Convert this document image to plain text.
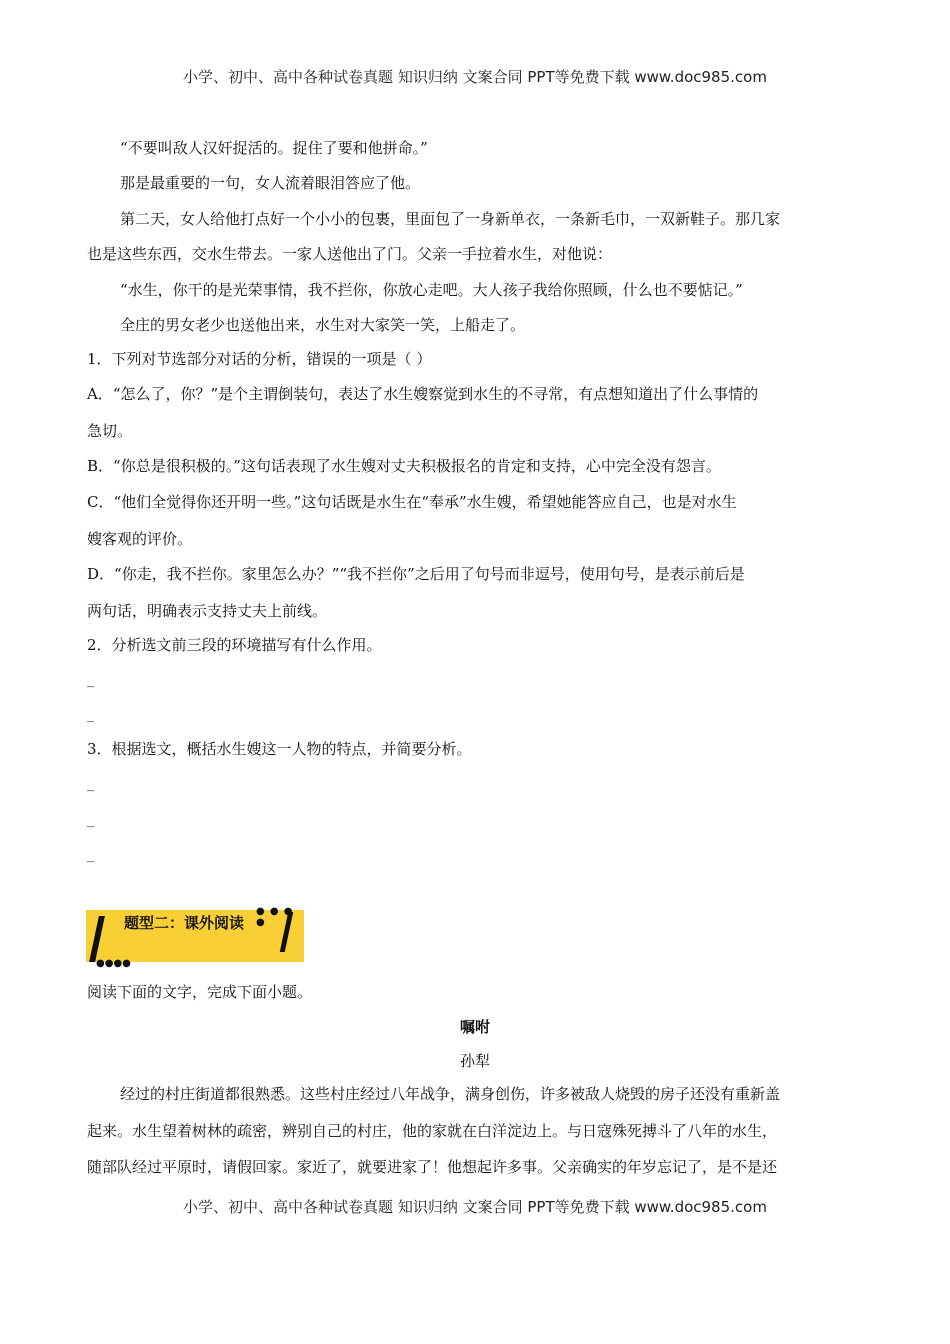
小学、初中、高中各种试卷真题 知识归纳 文案合同 PPT等免费下载 www.doc985.com
“不要叫敌人汉奸捉活的。捉住了要和他拼命。”
那是最重要的一句，女人流着眼泪答应了他。
第二天，女人给他打点好一个小小的包裹，里面包了一身新单衣，一条新毛巾，一双新鞋子。那几家
也是这些东西，交水生带去。一家人送他出了门。父亲一手拉着水生，对他说：
“水生，你干的是光荣事情，我不拦你，你放心走吧。大人孩子我给你照顾，什么也不要惦记。”
全庄的男女老少也送他出来，水生对大家笑一笑，上船走了。
1．下列对节选部分对话的分析，错误的一项是（ ）
A．“怎么了，你？”是个主谓倒装句，表达了水生嫂察觉到水生的不寻常，有点想知道出了什么事情的
急切。
B．“你总是很积极的。”这句话表现了水生嫂对丈夫积极报名的肯定和支持，心中完全没有怨言。
C．“他们全觉得你还开明一些。”这句话既是水生在“奉承”水生嫂，希望她能答应自己，也是对水生
嫂客观的评价。
D．“你走，我不拦你。家里怎么办？”“我不拦你”之后用了句号而非逗号，使用句号，是表示前后是
两句话，明确表示支持丈夫上前线。
2．分析选文前三段的环境描写有什么作用。
_
_
3．根据选文，概括水生嫂这一人物的特点，并简要分析。
_
_
_
● ● ● ●
●●●●
题型二：课外阅读
阅读下面的文字，完成下面小题。
嘱咐
孙犁
经过的村庄街道都很熟悉。这些村庄经过八年战争，满身创伤，许多被敌人烧毁的房子还没有重新盖
起来。水生望着树林的疏密，辨别自己的村庄，他的家就在白洋淀边上。与日寇殊死搏斗了八年的水生，
随部队经过平原时，请假回家。家近了，就要进家了！他想起许多事。父亲确实的年岁忘记了，是不是还
小学、初中、高中各种试卷真题 知识归纳 文案合同 PPT等免费下载 www.doc985.com
